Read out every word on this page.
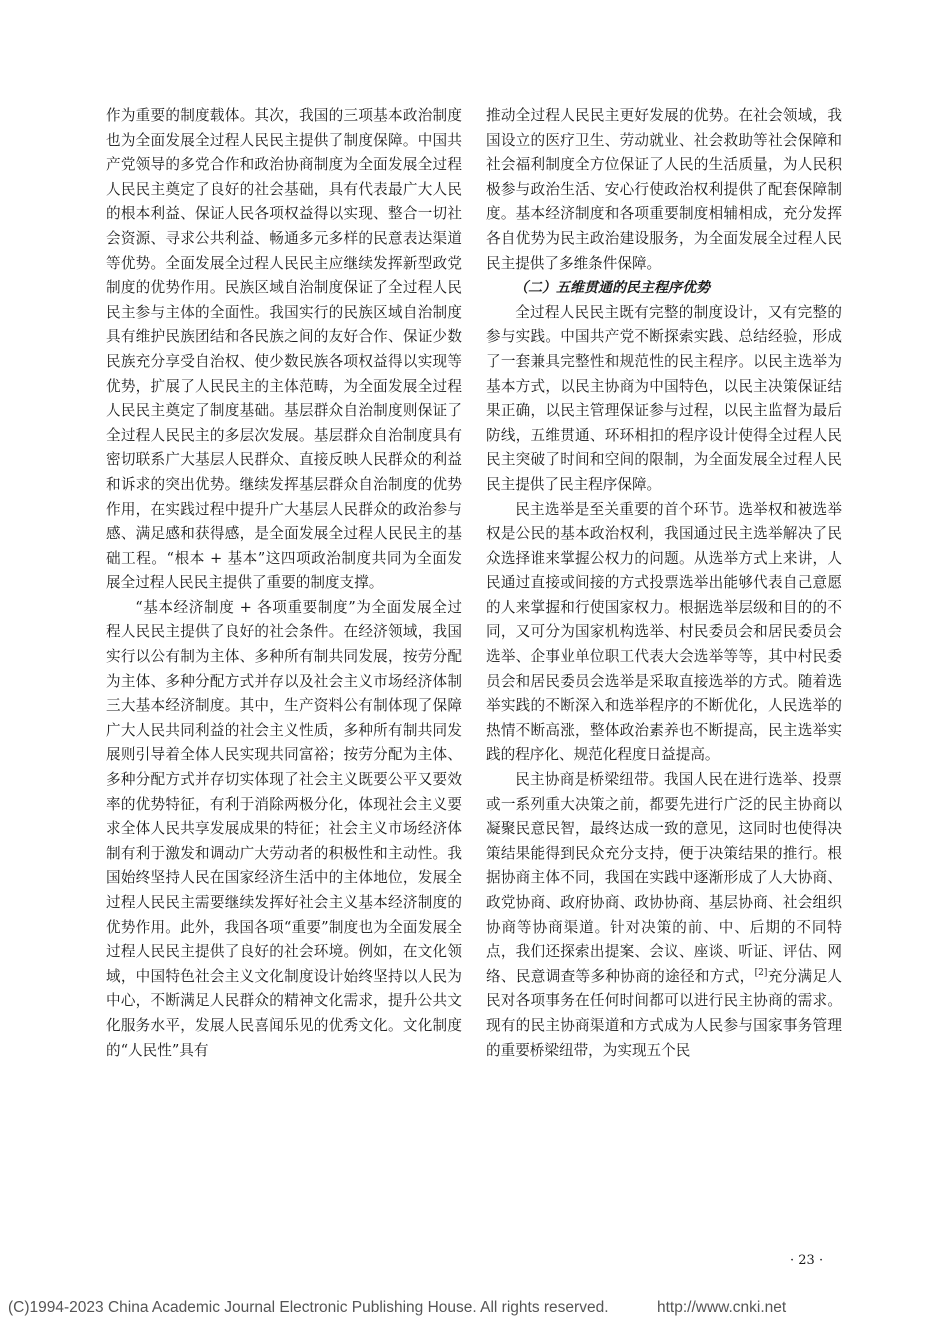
作为重要的制度载体。其次，我国的三项基本政治制度也为全面发展全过程人民民主提供了制度保障。中国共产党领导的多党合作和政治协商制度为全面发展全过程人民民主奠定了良好的社会基础，具有代表最广大人民的根本利益、保证人民各项权益得以实现、整合一切社会资源、寻求公共利益、畅通多元多样的民意表达渠道等优势。全面发展全过程人民民主应继续发挥新型政党制度的优势作用。民族区域自治制度保证了全过程人民民主参与主体的全面性。我国实行的民族区域自治制度具有维护民族团结和各民族之间的友好合作、保证少数民族充分享受自治权、使少数民族各项权益得以实现等优势，扩展了人民民主的主体范畴，为全面发展全过程人民民主奠定了制度基础。基层群众自治制度则保证了全过程人民民主的多层次发展。基层群众自治制度具有密切联系广大基层人民群众、直接反映人民群众的利益和诉求的突出优势。继续发挥基层群众自治制度的优势作用，在实践过程中提升广大基层人民群众的政治参与感、满足感和获得感，是全面发展全过程人民民主的基础工程。“根本 + 基本”这四项政治制度共同为全面发展全过程人民民主提供了重要的制度支撑。

“基本经济制度 + 各项重要制度”为全面发展全过程人民民主提供了良好的社会条件。在经济领域，我国实行以公有制为主体、多种所有制共同发展，按劳分配为主体、多种分配方式并存以及社会主义市场经济体制三大基本经济制度。其中，生产资料公有制体现了保障广大人民共同利益的社会主义性质，多种所有制共同发展则引导着全体人民实现共同富裕；按劳分配为主体、多种分配方式并存切实体现了社会主义既要公平又要效率的优势特征，有利于消除两极分化，体现社会主义要求全体人民共享发展成果的特征；社会主义市场经济体制有利于激发和调动广大劳动者的积极性和主动性。我国始终坚持人民在国家经济生活中的主体地位，发展全过程人民民主需要继续发挥好社会主义基本经济制度的优势作用。此外，我国各项“重要”制度也为全面发展全过程人民民主提供了良好的社会环境。例如，在文化领域，中国特色社会主义文化制度设计始终坚持以人民为中心，不断满足人民群众的精神文化需求，提升公共文化服务水平，发展人民喜闻乐见的优秀文化。文化制度的“人民性”具有

推动全过程人民民主更好发展的优势。在社会领域，我国设立的医疗卫生、劳动就业、社会救助等社会保障和社会福利制度全方位保证了人民的生活质量，为人民积极参与政治生活、安心行使政治权利提供了配套保障制度。基本经济制度和各项重要制度相辅相成，充分发挥各自优势为民主政治建设服务，为全面发展全过程人民民主提供了多维条件保障。

（二）五维贯通的民主程序优势

全过程人民民主既有完整的制度设计，又有完整的参与实践。中国共产党不断探索实践、总结经验，形成了一套兼具完整性和规范性的民主程序。以民主选举为基本方式，以民主协商为中国特色，以民主决策保证结果正确，以民主管理保证参与过程，以民主监督为最后防线，五维贯通、环环相扣的程序设计使得全过程人民民主突破了时间和空间的限制，为全面发展全过程人民民主提供了民主程序保障。

民主选举是至关重要的首个环节。选举权和被选举权是公民的基本政治权利，我国通过民主选举解决了民众选择谁来掌握公权力的问题。从选举方式上来讲，人民通过直接或间接的方式投票选举出能够代表自己意愿的人来掌握和行使国家权力。根据选举层级和目的的不同，又可分为国家机构选举、村民委员会和居民委员会选举、企事业单位职工代表大会选举等等，其中村民委员会和居民委员会选举是采取直接选举的方式。随着选举实践的不断深入和选举程序的不断优化，人民选举的热情不断高涨，整体政治素养也不断提高，民主选举实践的程序化、规范化程度日益提高。

民主协商是桥梁纽带。我国人民在进行选举、投票或一系列重大决策之前，都要先进行广泛的民主协商以凝聚民意民智，最终达成一致的意见，这同时也使得决策结果能得到民众充分支持，便于决策结果的推行。根据协商主体不同，我国在实践中逐渐形成了人大协商、政党协商、政府协商、政协协商、基层协商、社会组织协商等协商渠道。针对决策的前、中、后期的不同特点，我们还探索出提案、会议、座谈、听证、评估、网络、民意调查等多种协商的途径和方式，[2]充分满足人民对各项事务在任何时间都可以进行民主协商的需求。现有的民主协商渠道和方式成为人民参与国家事务管理的重要桥梁纽带，为实现五个民

· 23 ·
(C)1994-2023 China Academic Journal Electronic Publishing House. All rights reserved.	http://www.cnki.net
